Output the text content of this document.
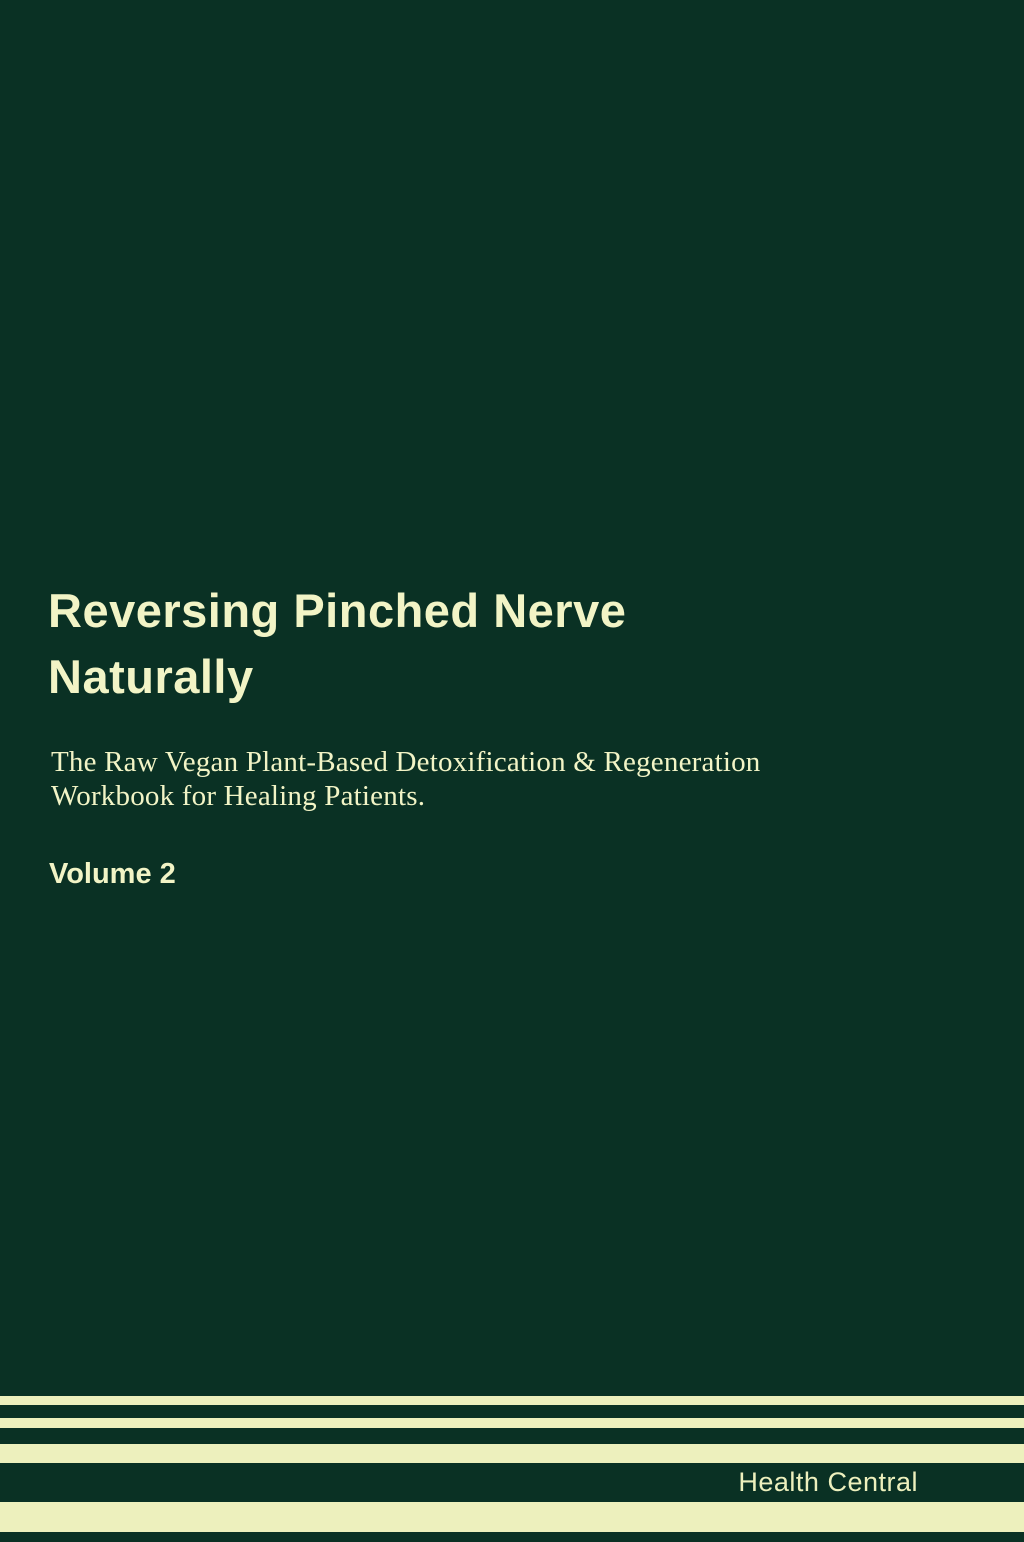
Reversing Pinched Nerve
Naturally

The Raw Vegan Plant-Based Detoxification & Regeneration
Workbook for Healing Patients.

Volume 2
Health Central
